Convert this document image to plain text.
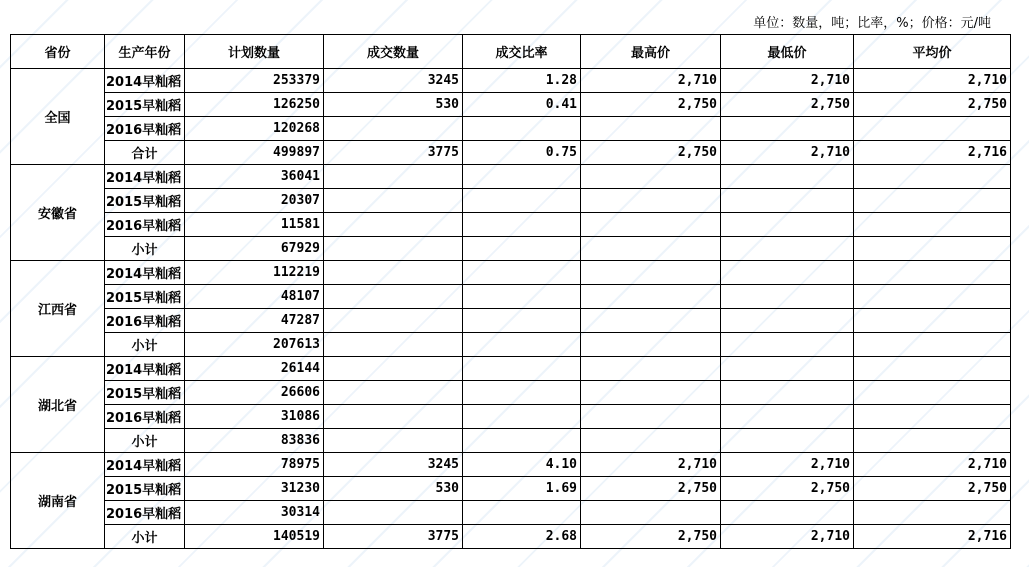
单位：数量，吨；比率，%；价格：元/吨
省份	生产年份	计划数量	成交数量	成交比率	最高价	最低价	平均价
全国	2014早籼稻	253379	3245	1.28	2,710	2,710	2,710
	2015早籼稻	126250	530	0.41	2,750	2,750	2,750
	2016早籼稻	120268					
	合计	499897	3775	0.75	2,750	2,710	2,716
安徽省	2014早籼稻	36041					
	2015早籼稻	20307					
	2016早籼稻	11581					
	小计	67929					
江西省	2014早籼稻	112219					
	2015早籼稻	48107					
	2016早籼稻	47287					
	小计	207613					
湖北省	2014早籼稻	26144					
	2015早籼稻	26606					
	2016早籼稻	31086					
	小计	83836					
湖南省	2014早籼稻	78975	3245	4.10	2,710	2,710	2,710
	2015早籼稻	31230	530	1.69	2,750	2,750	2,750
	2016早籼稻	30314					
	小计	140519	3775	2.68	2,750	2,710	2,716
